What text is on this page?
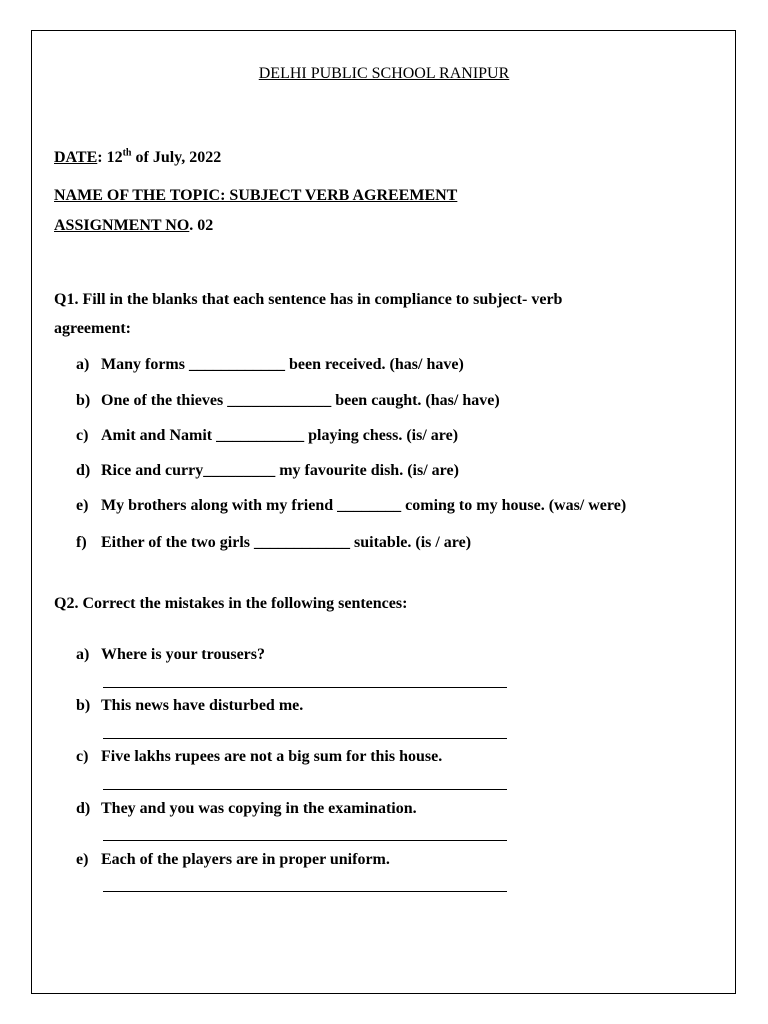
DELHI PUBLIC SCHOOL RANIPUR
DATE: 12th of July, 2022
NAME OF THE TOPIC: SUBJECT VERB AGREEMENT
ASSIGNMENT NO. 02
Q1. Fill in the blanks that each sentence has in compliance to subject- verb
agreement:
a) Many forms ____________ been received. (has/ have)
b) One of the thieves _____________ been caught. (has/ have)
c) Amit and Namit ___________ playing chess. (is/ are)
d) Rice and curry_________ my favourite dish. (is/ are)
e) My brothers along with my friend ________ coming to my house. (was/ were)
f) Either of the two girls ____________ suitable. (is / are)
Q2. Correct the mistakes in the following sentences:
a) Where is your trousers?
b) This news have disturbed me.
c) Five lakhs rupees are not a big sum for this house.
d) They and you was copying in the examination.
e) Each of the players are in proper uniform.
